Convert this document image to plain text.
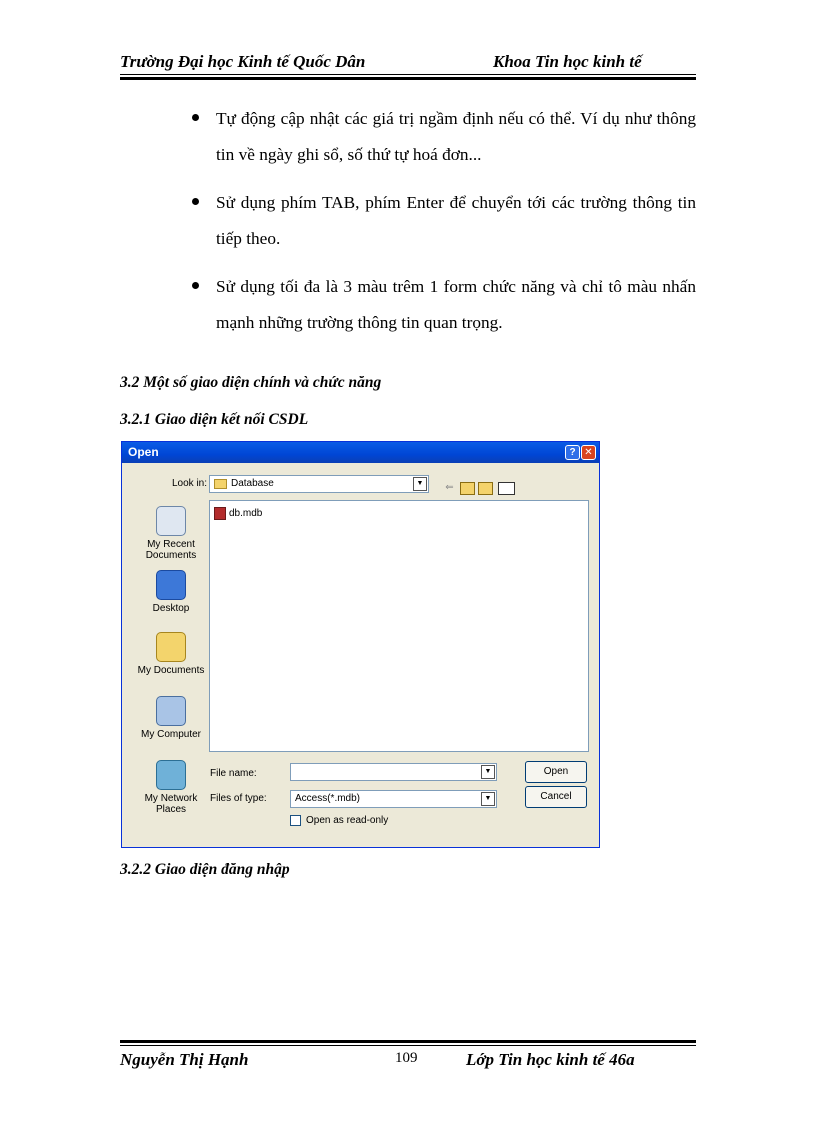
Trường Đại học Kinh tế Quốc Dân	Khoa Tin học kinh tế
Tự động cập nhật các giá trị ngầm định nếu có thể. Ví dụ như thông tin về ngày ghi sổ, số thứ tự hoá đơn...
Sử dụng phím TAB, phím Enter để chuyển tới các trường thông tin tiếp theo.
Sử dụng tối đa là 3 màu trêm 1 form chức năng và chỉ tô màu nhấn mạnh những trường thông tin quan trọng.
3.2 Một số giao diện chính và chức năng
3.2.1 Giao diện kết nối CSDL
Open	? ✕
Look in: Database	▼	⇐
My Recent Documents
Desktop
My Documents
My Computer
My Network Places
db.mdb
File name:	▼
Files of type:	Access(*.mdb)	▼
Open as read-only
Open
Cancel
3.2.2 Giao diện đăng nhập
Nguyễn Thị Hạnh	109	Lớp Tin học kinh tế 46a
